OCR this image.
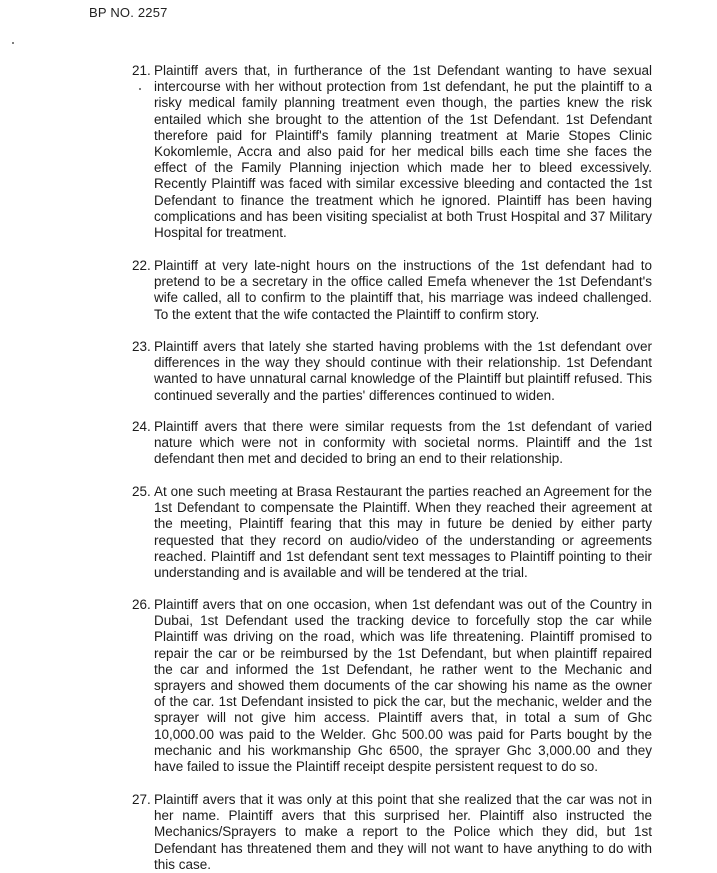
BP NO. 2257
21. Plaintiff avers that, in furtherance of the 1st Defendant wanting to have sexual intercourse with her without protection from 1st defendant, he put the plaintiff to a risky medical family planning treatment even though, the parties knew the risk entailed which she brought to the attention of the 1st Defendant. 1st Defendant therefore paid for Plaintiff's family planning treatment at Marie Stopes Clinic Kokomlemle, Accra and also paid for her medical bills each time she faces the effect of the Family Planning injection which made her to bleed excessively. Recently Plaintiff was faced with similar excessive bleeding and contacted the 1st Defendant to finance the treatment which he ignored. Plaintiff has been having complications and has been visiting specialist at both Trust Hospital and 37 Military Hospital for treatment.
22. Plaintiff at very late-night hours on the instructions of the 1st defendant had to pretend to be a secretary in the office called Emefa whenever the 1st Defendant's wife called, all to confirm to the plaintiff that, his marriage was indeed challenged. To the extent that the wife contacted the Plaintiff to confirm story.
23. Plaintiff avers that lately she started having problems with the 1st defendant over differences in the way they should continue with their relationship. 1st Defendant wanted to have unnatural carnal knowledge of the Plaintiff but plaintiff refused. This continued severally and the parties' differences continued to widen.
24. Plaintiff avers that there were similar requests from the 1st defendant of varied nature which were not in conformity with societal norms. Plaintiff and the 1st defendant then met and decided to bring an end to their relationship.
25. At one such meeting at Brasa Restaurant the parties reached an Agreement for the 1st Defendant to compensate the Plaintiff. When they reached their agreement at the meeting, Plaintiff fearing that this may in future be denied by either party requested that they record on audio/video of the understanding or agreements reached. Plaintiff and 1st defendant sent text messages to Plaintiff pointing to their understanding and is available and will be tendered at the trial.
26. Plaintiff avers that on one occasion, when 1st defendant was out of the Country in Dubai, 1st Defendant used the tracking device to forcefully stop the car while Plaintiff was driving on the road, which was life threatening. Plaintiff promised to repair the car or be reimbursed by the 1st Defendant, but when plaintiff repaired the car and informed the 1st Defendant, he rather went to the Mechanic and sprayers and showed them documents of the car showing his name as the owner of the car. 1st Defendant insisted to pick the car, but the mechanic, welder and the sprayer will not give him access. Plaintiff avers that, in total a sum of Ghc 10,000.00 was paid to the Welder. Ghc 500.00 was paid for Parts bought by the mechanic and his workmanship Ghc 6500, the sprayer Ghc 3,000.00 and they have failed to issue the Plaintiff receipt despite persistent request to do so.
27. Plaintiff avers that it was only at this point that she realized that the car was not in her name. Plaintiff avers that this surprised her. Plaintiff also instructed the Mechanics/Sprayers to make a report to the Police which they did, but 1st Defendant has threatened them and they will not want to have anything to do with this case.
